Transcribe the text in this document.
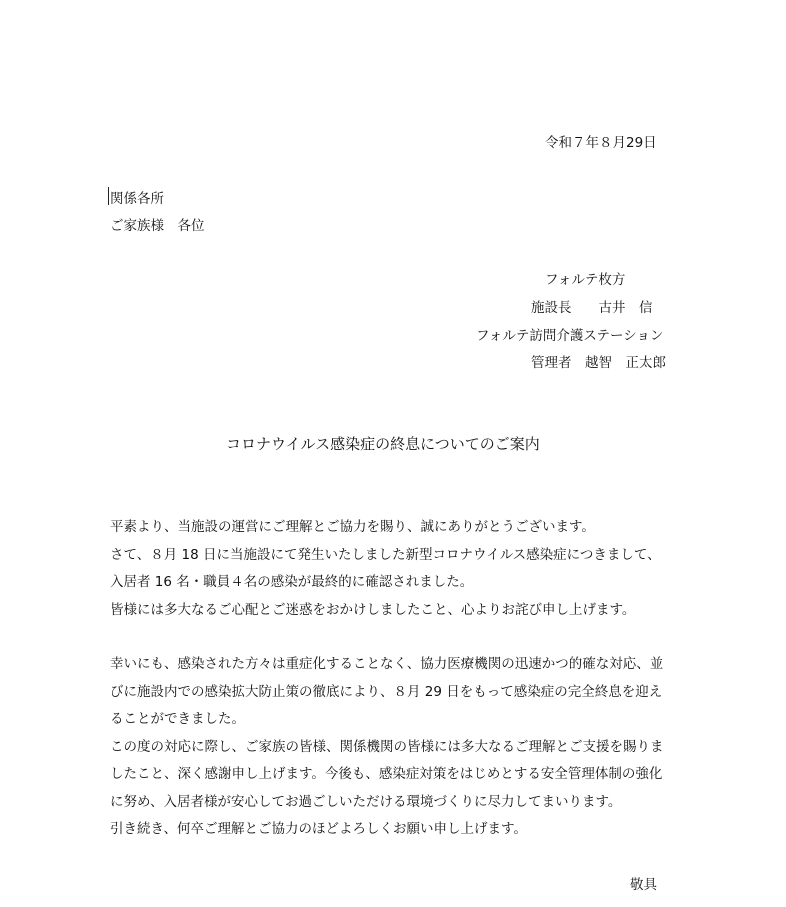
令和７年８月29日
関係各所
ご家族様　各位
フォルテ枚方
施設長　　古井　信
フォルテ訪問介護ステーション
管理者　越智　正太郎
コロナウイルス感染症の終息についてのご案内
平素より、当施設の運営にご理解とご協力を賜り、誠にありがとうございます。
さて、８月 18 日に当施設にて発生いたしました新型コロナウイルス感染症につきまして、
入居者 16 名・職員４名の感染が最終的に確認されました。
皆様には多大なるご心配とご迷惑をおかけしましたこと、心よりお詫び申し上げます。
幸いにも、感染された方々は重症化することなく、協力医療機関の迅速かつ的確な対応、並
びに施設内での感染拡大防止策の徹底により、８月 29 日をもって感染症の完全終息を迎え
ることができました。
この度の対応に際し、ご家族の皆様、関係機関の皆様には多大なるご理解とご支援を賜りま
したこと、深く感謝申し上げます。今後も、感染症対策をはじめとする安全管理体制の強化
に努め、入居者様が安心してお過ごしいただける環境づくりに尽力してまいります。
引き続き、何卒ご理解とご協力のほどよろしくお願い申し上げます。
敬具
